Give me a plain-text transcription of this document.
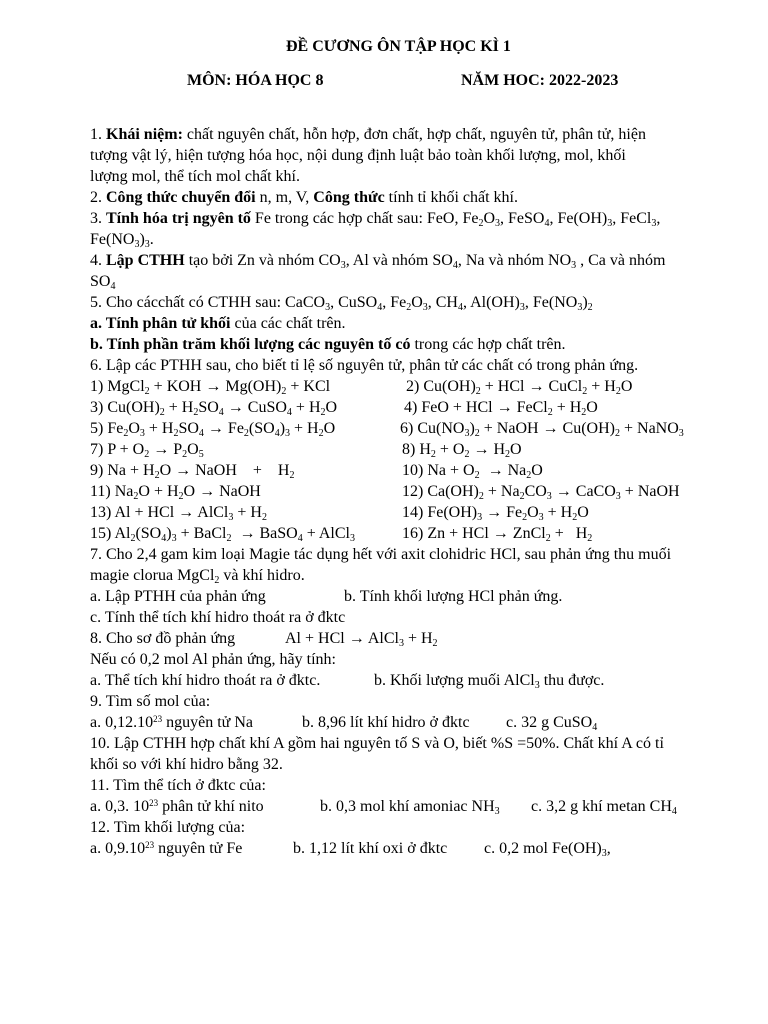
ĐỀ CƯƠNG ÔN TẬP HỌC KÌ 1
MÔN: HÓA HỌC 8	NĂM HOC: 2022-2023
1. Khái niệm: chất nguyên chất, hỗn hợp, đơn chất, hợp chất, nguyên tử, phân tử, hiện
tượng vật lý, hiện tượng hóa học, nội dung định luật bảo toàn khối lượng, mol, khối
lượng mol, thể tích mol chất khí.
2. Công thức chuyển đổi n, m, V, Công thức tính tỉ khối chất khí.
3. Tính hóa trị ngyên tố Fe trong các hợp chất sau: FeO, $Fe_2O_3$, FeSO$_4$, $Fe(OH)_3$, FeCl$_3$,
$Fe(NO_3)_3$.
4. Lập CTHH tạo bởi Zn và nhóm $CO_3$, Al và nhóm $SO_4$, Na và nhóm $NO_3$ , Ca và nhóm
$SO_4$
5. Cho cácchất có CTHH sau: CaCO$_3$, CuSO$_4$, $Fe_2O_3$, $CH_4$, $Al(OH)_3$, $Fe(NO_3)_2$
a. Tính phân tử khối của các chất trên.
b. Tính phần trăm khối lượng các nguyên tố có trong các hợp chất trên.
6. Lập các PTHH sau, cho biết tỉ lệ số nguyên tử, phân tử các chất có trong phản ứng.
1) MgCl$_2$ + KOH → $Mg(OH)_2$ + KCl	2) $Cu(OH)_2$ + HCl → CuCl$_2$ + $H_2O$
3) $Cu(OH)_2 + H_2SO_4$ → CuSO$_4$ + $H_2O$	4) FeO + HCl → FeCl$_2$ + $H_2O$
5) $Fe_2O_3 + H_2SO_4 \to Fe_2(SO_4)_3 + H_2O$	6) $Cu(NO_3)_2$ + NaOH → $Cu(OH)_2$ + NaNO$_3$
7) $P + O_2 \to P_2O_5$	8) $H_2 + O_2 \to H_2O$
9) $Na + H_2O$ → NaOH    +    $H_2$	10) $Na + O_2 \to Na_2O$
11) $Na_2O + H_2O$ → NaOH	12) $Ca(OH)_2 + Na_2CO_3$ → CaCO$_3$ + NaOH
13) Al + HCl → AlCl$_3$ + $H_2$	14) $Fe(OH)_3 \to Fe_2O_3 + H_2O$
15) $Al_2(SO_4)_3$ + BaCl$_2$  → BaSO$_4$ + AlCl$_3$	16) Zn + HCl → ZnCl$_2$ +   $H_2$
7. Cho 2,4 gam kim loại Magie tác dụng hết với axit clohidric HCl, sau phản ứng thu muối
magie clorua MgCl$_2$ và khí hidro.
a. Lập PTHH của phản ứng	b. Tính khối lượng HCl phản ứng.
c. Tính thể tích khí hidro thoát ra ở đktc
8. Cho sơ đồ phản ứng	Al + HCl → AlCl$_3$ + $H_2$
Nếu có 0,2 mol Al phản ứng, hãy tính:
a. Thể tích khí hidro thoát ra ở đktc.	b. Khối lượng muối AlCl$_3$ thu được.
9. Tìm số mol của:
a. 0,12.10$^{23}$ nguyên tử Na	b. 8,96 lít khí hidro ở đktc c. 32 g CuSO$_4$
10. Lập CTHH hợp chất khí A gồm hai nguyên tố S và O, biết %S =50%. Chất khí A có tỉ
khối so với khí hidro bằng 32.
11. Tìm thể tích ở đktc của:
a. 0,3. $10^{23}$ phân tử khí nito	b. 0,3 mol khí amoniac $NH_3$ c. 3,2 g khí metan $CH_4$
12. Tìm khối lượng của:
a. 0,9.10$^{23}$ nguyên tử Fe	b. 1,12 lít khí oxi ở đktc c. 0,2 mol $Fe(OH)_3$,
